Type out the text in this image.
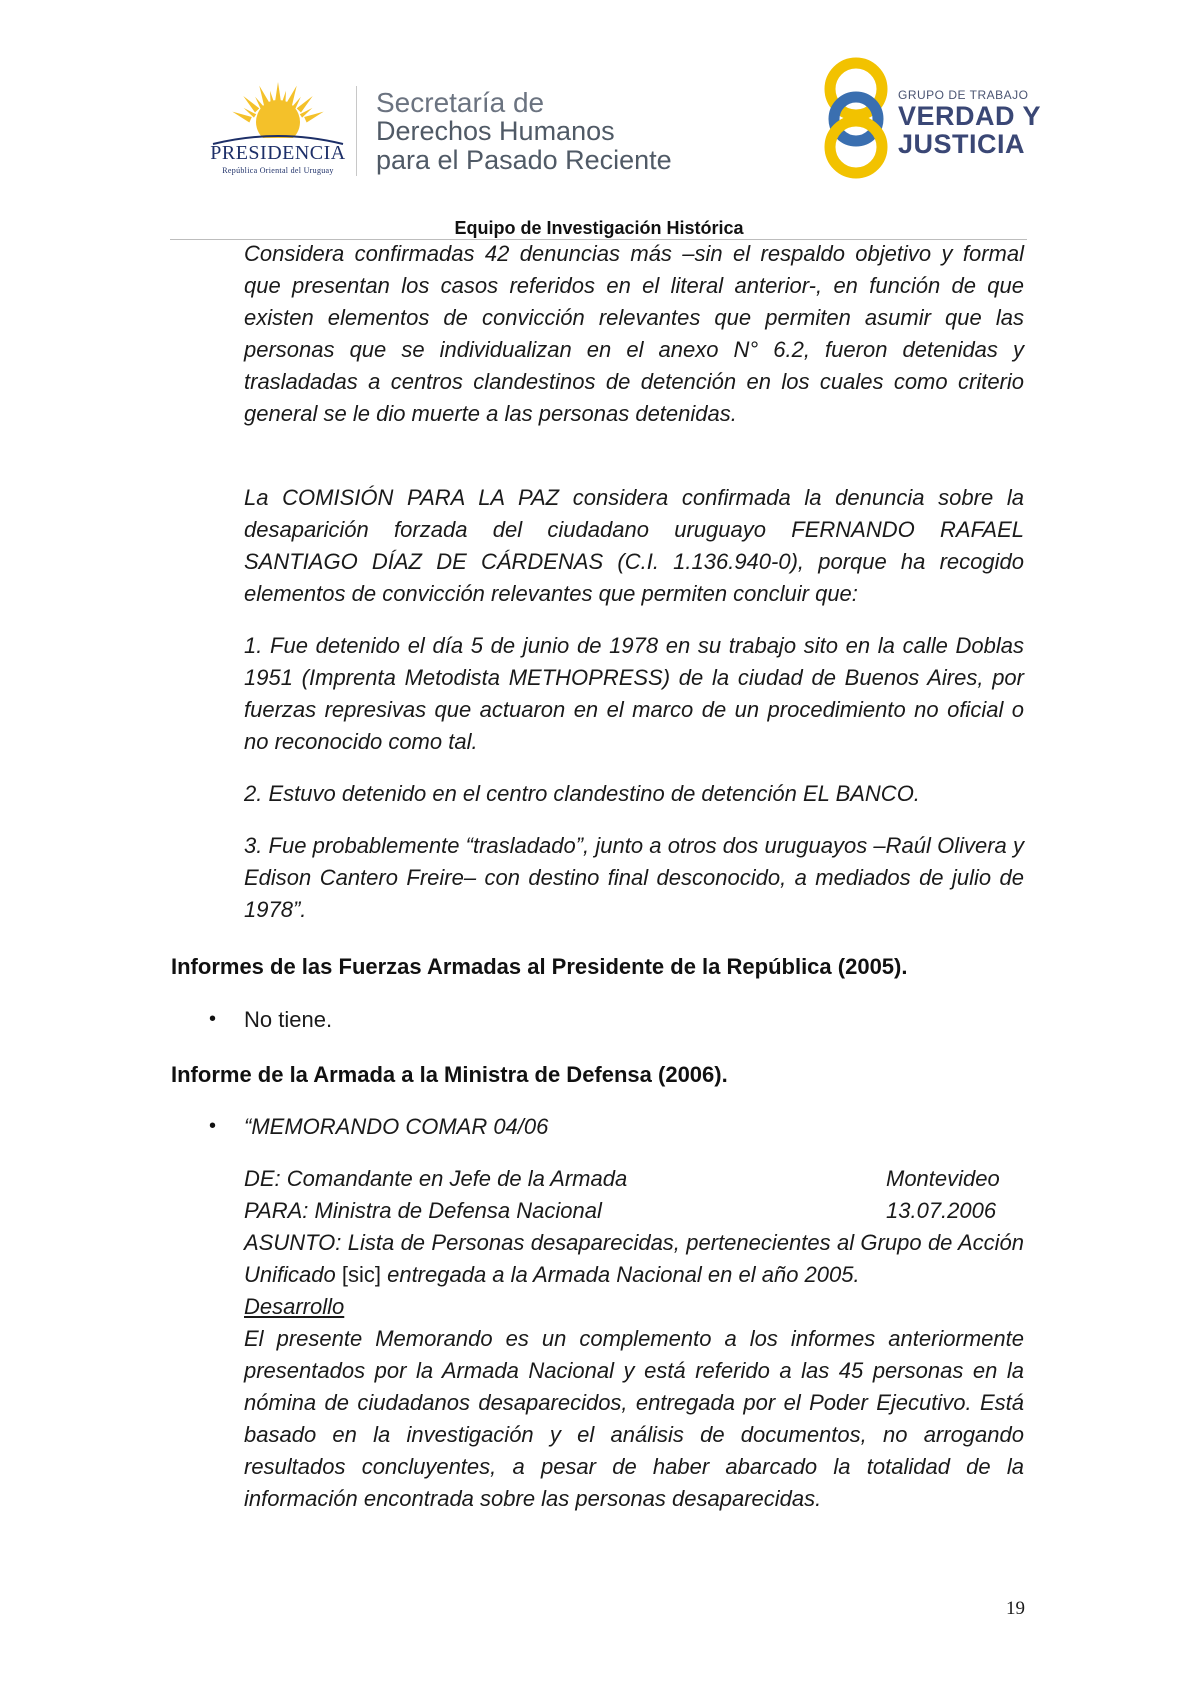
PRESIDENCIA
República Oriental del Uruguay
Secretaría de
Derechos Humanos
para el Pasado Reciente
GRUPO DE TRABAJO
VERDAD Y
JUSTICIA
Equipo de Investigación Histórica
Considera confirmadas 42 denuncias más –sin el respaldo objetivo y formal que presentan los casos referidos en el literal anterior-, en función de que existen elementos de convicción relevantes que permiten asumir que las personas que se individualizan en el anexo N° 6.2, fueron detenidas y trasladadas a centros clandestinos de detención en los cuales como criterio general se le dio muerte a las personas detenidas.
La COMISIÓN PARA LA PAZ considera confirmada la denuncia sobre la desaparición forzada del ciudadano uruguayo FERNANDO RAFAEL SANTIAGO DÍAZ DE CÁRDENAS (C.I. 1.136.940-0), porque ha recogido elementos de convicción relevantes que permiten concluir que:
1. Fue detenido el día 5 de junio de 1978 en su trabajo sito en la calle Doblas 1951 (Imprenta Metodista METHOPRESS) de la ciudad de Buenos Aires, por fuerzas represivas que actuaron en el marco de un procedimiento no oficial o no reconocido como tal.
2. Estuvo detenido en el centro clandestino de detención EL BANCO.
3. Fue probablemente “trasladado”, junto a otros dos uruguayos –Raúl Olivera y Edison Cantero Freire– con destino final desconocido, a mediados de julio de 1978”.
Informes de las Fuerzas Armadas al Presidente de la República (2005).
• No tiene.
Informe de la Armada a la Ministra de Defensa (2006).
• “MEMORANDO COMAR 04/06
DE: Comandante en Jefe de la Armada	Montevideo
PARA: Ministra de Defensa Nacional	13.07.2006
ASUNTO: Lista de Personas desaparecidas, pertenecientes al Grupo de Acción Unificado [sic] entregada a la Armada Nacional en el año 2005.
Desarrollo
El presente Memorando es un complemento a los informes anteriormente presentados por la Armada Nacional y está referido a las 45 personas en la nómina de ciudadanos desaparecidos, entregada por el Poder Ejecutivo. Está basado en la investigación y el análisis de documentos, no arrogando resultados concluyentes, a pesar de haber abarcado la totalidad de la información encontrada sobre las personas desaparecidas.
19
